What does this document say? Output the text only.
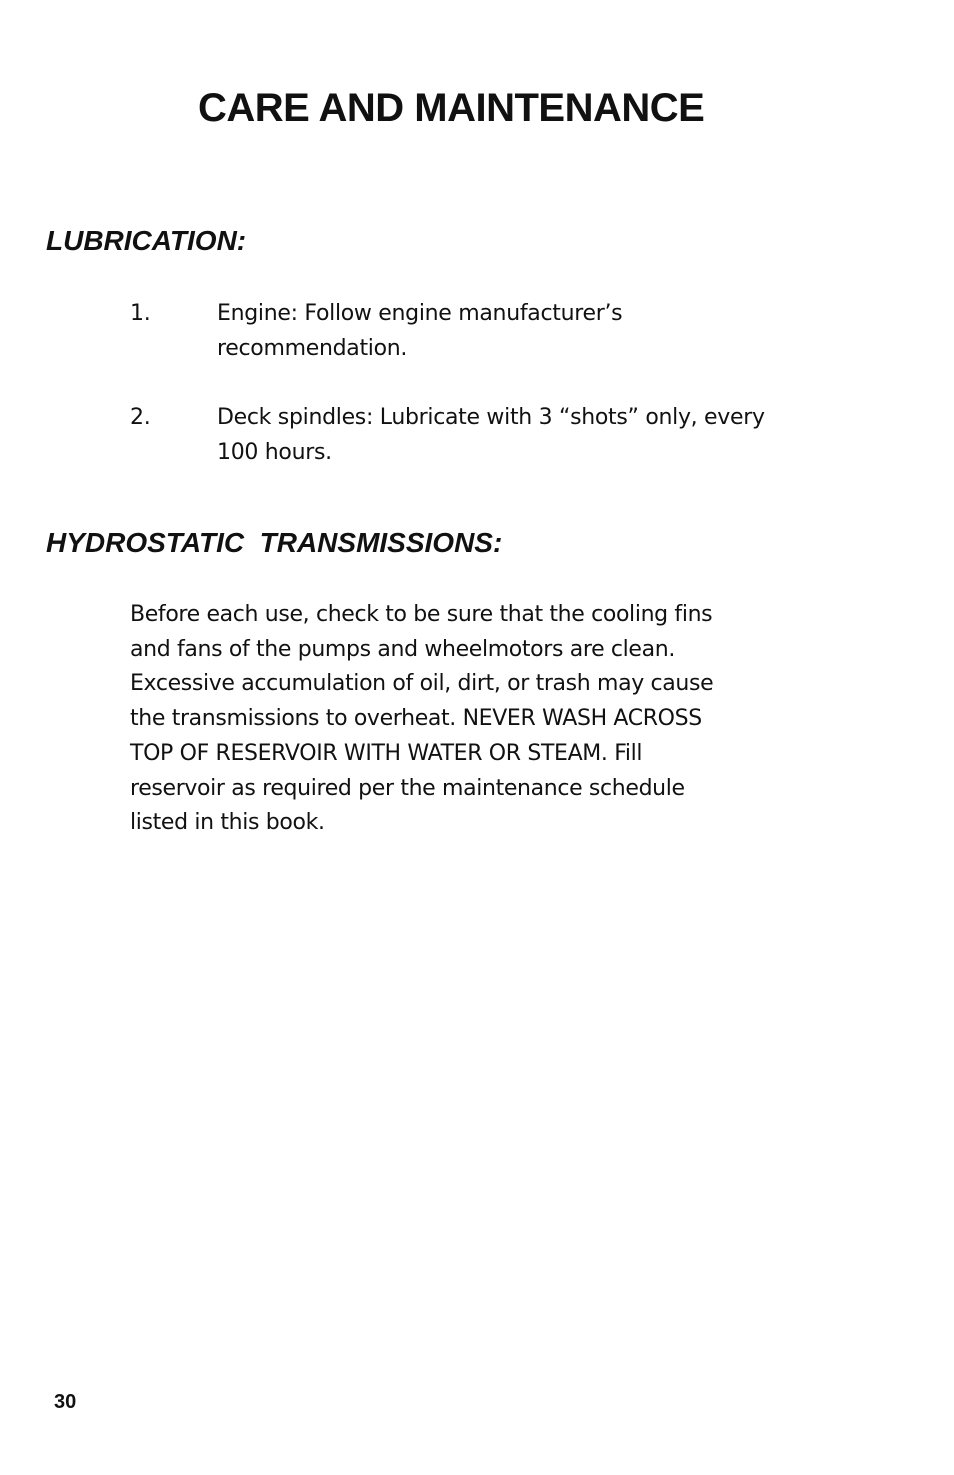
CARE AND MAINTENANCE
LUBRICATION:
1.	Engine: Follow engine manufacturer’s recommendation.
2.	Deck spindles: Lubricate with 3 “shots” only, every 100 hours.
HYDROSTATIC  TRANSMISSIONS:

Before each use, check to be sure that the cooling fins
and fans of the pumps and wheelmotors are clean.
Excessive accumulation of oil, dirt, or trash may cause
the transmissions to overheat. NEVER WASH ACROSS
TOP OF RESERVOIR WITH WATER OR STEAM. Fill
reservoir as required per the maintenance schedule
listed in this book.

30
